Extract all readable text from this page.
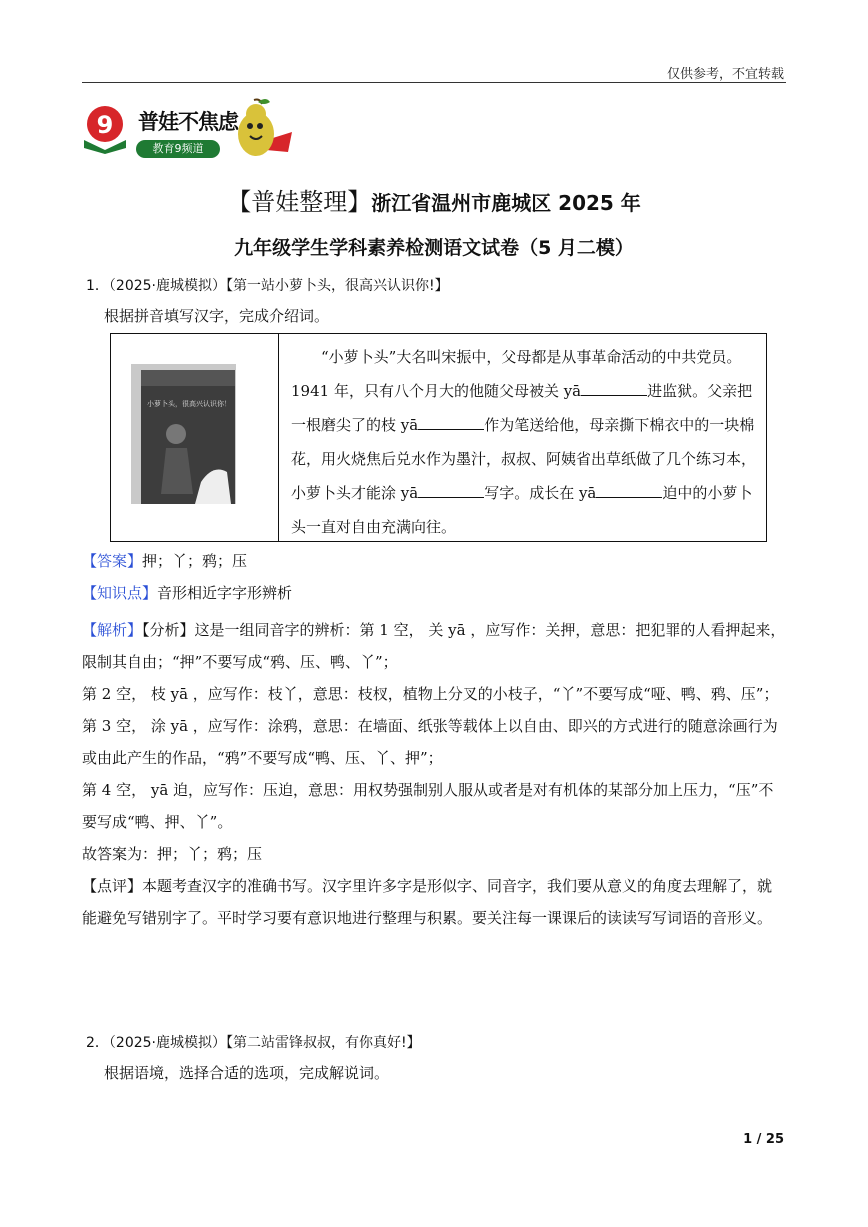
仅供参考，不宜转载
9 普娃不焦虑
教育9频道
【普娃整理】浙江省温州市鹿城区 2025 年
九年级学生学科素养检测语文试卷（5 月二模）
1．（2025·鹿城模拟）【第一站小萝卜头，很高兴认识你!】
根据拼音填写汉字，完成介绍词。
小萝卜头，很高兴认识你！
“小萝卜头”大名叫宋振中，父母都是从事革命活动的中共党员。1941 年，只有八个月大的他随父母被关 yā	进监狱。父亲把一根磨尖了的枝 yā	作为笔送给他，母亲撕下棉衣中的一块棉花，用火烧焦后兑水作为墨汁，叔叔、阿姨省出草纸做了几个练习本，小萝卜头才能涂 yā	写字。成长在 yā	迫中的小萝卜头一直对自由充满向往。
【答案】押；丫；鸦；压
【知识点】音形相近字字形辨析
【解析】【分析】这是一组同音字的辨析：第 1 空， 关 yā ，应写作：关押，意思：把犯罪的人看押起来，限制其自由；“押”不要写成“鸦、压、鸭、丫”；
第 2 空， 枝 yā ，应写作：枝丫，意思：枝杈，植物上分叉的小枝子，“丫”不要写成“哑、鸭、鸦、压”；
第 3 空， 涂 yā ，应写作：涂鸦，意思：在墙面、纸张等载体上以自由、即兴的方式进行的随意涂画行为或由此产生的作品，“鸦”不要写成“鸭、压、丫、押”；
第 4 空， yā 迫，应写作：压迫，意思：用权势强制别人服从或者是对有机体的某部分加上压力，“压”不要写成“鸭、押、丫”。
故答案为：押；丫；鸦；压
【点评】本题考查汉字的准确书写。汉字里许多字是形似字、同音字，我们要从意义的角度去理解了，就能避免写错别字了。平时学习要有意识地进行整理与积累。要关注每一课课后的读读写写词语的音形义。
2．（2025·鹿城模拟）【第二站雷锋叔叔，有你真好!】
根据语境，选择合适的选项，完成解说词。
1 / 25
